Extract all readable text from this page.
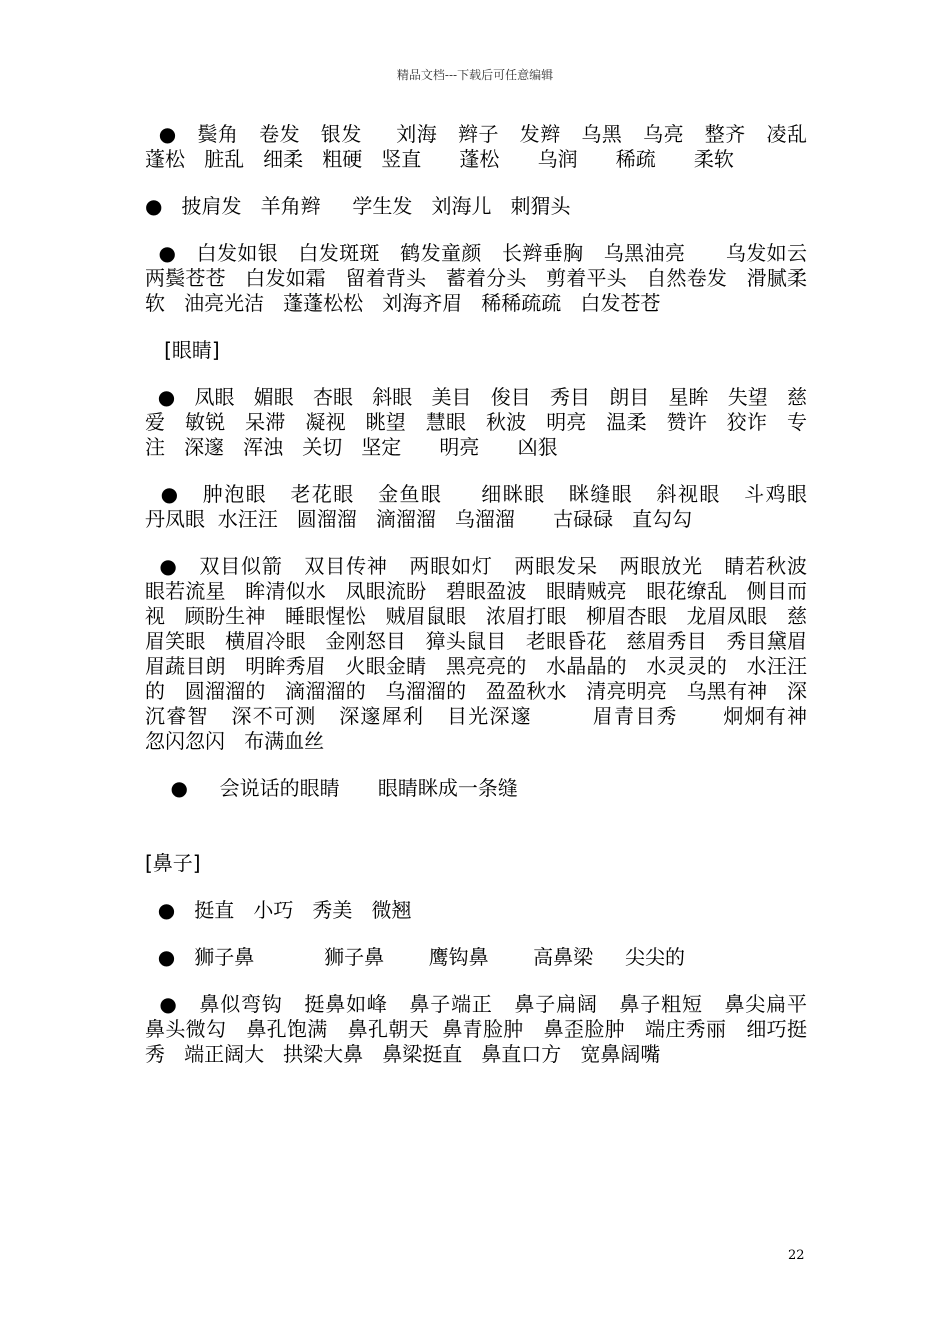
精品文档---下载后可任意编辑

●   鬓角   卷发   银发     刘海   辫子   发辫   乌黑   乌亮   整齐   凌乱   蓬松   脏乱   细柔   粗硬   竖直      蓬松      乌润      稀疏      柔软

●   披肩发   羊角辫     学生发   刘海儿   刺猬头

●   白发如银   白发斑斑   鹤发童颜   长辫垂胸   乌黑油亮      乌发如云   两鬓苍苍   白发如霜   留着背头   蓄着分头   剪着平头   自然卷发   滑腻柔软   油亮光洁   蓬蓬松松   刘海齐眉   稀稀疏疏   白发苍苍

[眼睛]

●   凤眼   媚眼   杏眼   斜眼   美目   俊目   秀目   朗目   星眸   失望   慈爱   敏锐   呆滞   凝视   眺望   慧眼   秋波   明亮   温柔   赞许   狡诈   专注   深邃   浑浊   关切   坚定      明亮      凶狠

●   肿泡眼   老花眼   金鱼眼     细眯眼   眯缝眼   斜视眼   斗鸡眼        丹凤眼  水汪汪   圆溜溜   滴溜溜   乌溜溜      古碌碌   直勾勾

●   双目似箭   双目传神   两眼如灯   两眼发呆   两眼放光   睛若秋波   眼若流星   眸清似水   凤眼流盼   碧眼盈波   眼睛贼亮   眼花缭乱   侧目而视   顾盼生神   睡眼惺忪   贼眉鼠眼   浓眉打眼   柳眉杏眼   龙眉凤眼   慈眉笑眼   横眉冷眼   金刚怒目   獐头鼠目   老眼昏花   慈眉秀目   秀目黛眉   眉蔬目朗   明眸秀眉   火眼金睛   黑亮亮的   水晶晶的   水灵灵的   水汪汪的   圆溜溜的   滴溜溜的   乌溜溜的   盈盈秋水   清亮明亮   乌黑有神   深沉睿智   深不可测   深邃犀利   目光深邃        眉青目秀      炯炯有神        忽闪忽闪   布满血丝

●     会说话的眼睛      眼睛眯成一条缝

[鼻子]

●   挺直   小巧   秀美   微翘

●   狮子鼻           狮子鼻       鹰钩鼻       高鼻梁     尖尖的

●   鼻似弯钩   挺鼻如峰   鼻子端正   鼻子扁阔   鼻子粗短   鼻尖扁平   鼻头微勾   鼻孔饱满   鼻孔朝天  鼻青脸肿   鼻歪脸肿   端庄秀丽   细巧挺秀   端正阔大   拱梁大鼻   鼻梁挺直   鼻直口方   宽鼻阔嘴

22
